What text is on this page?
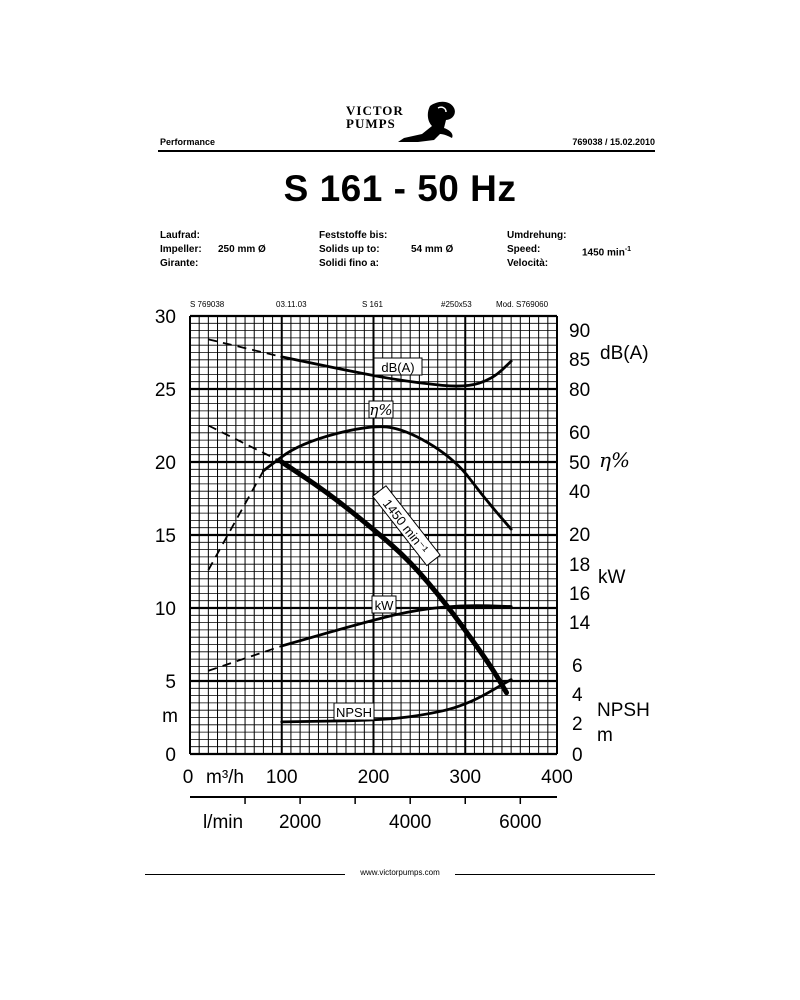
VICTOR
PUMPS
Performance	769038 / 15.02.2010
S 161 - 50 Hz
Laufrad:
Impeller:
Girante:
250 mm Ø
Feststoffe bis:
Solids up to:
Solidi fino a:
54 mm Ø
Umdrehung:
Speed:
Velocità:
1450 $\min^{-1}$
S 769038	03.11.03	S 161	#250x53	Mod. S769060
0
5
10
15
20
25
30
m
0	100	200	300	400
m³/h
2000	4000	6000
l/min
80
85
90
dB(A)
20
40
50
60
η%
14
16
18
kW
0
2
4
6
NPSH
m
1450 min⁻¹
η%
dB(A)
kW
NPSH
www.victorpumps.com
